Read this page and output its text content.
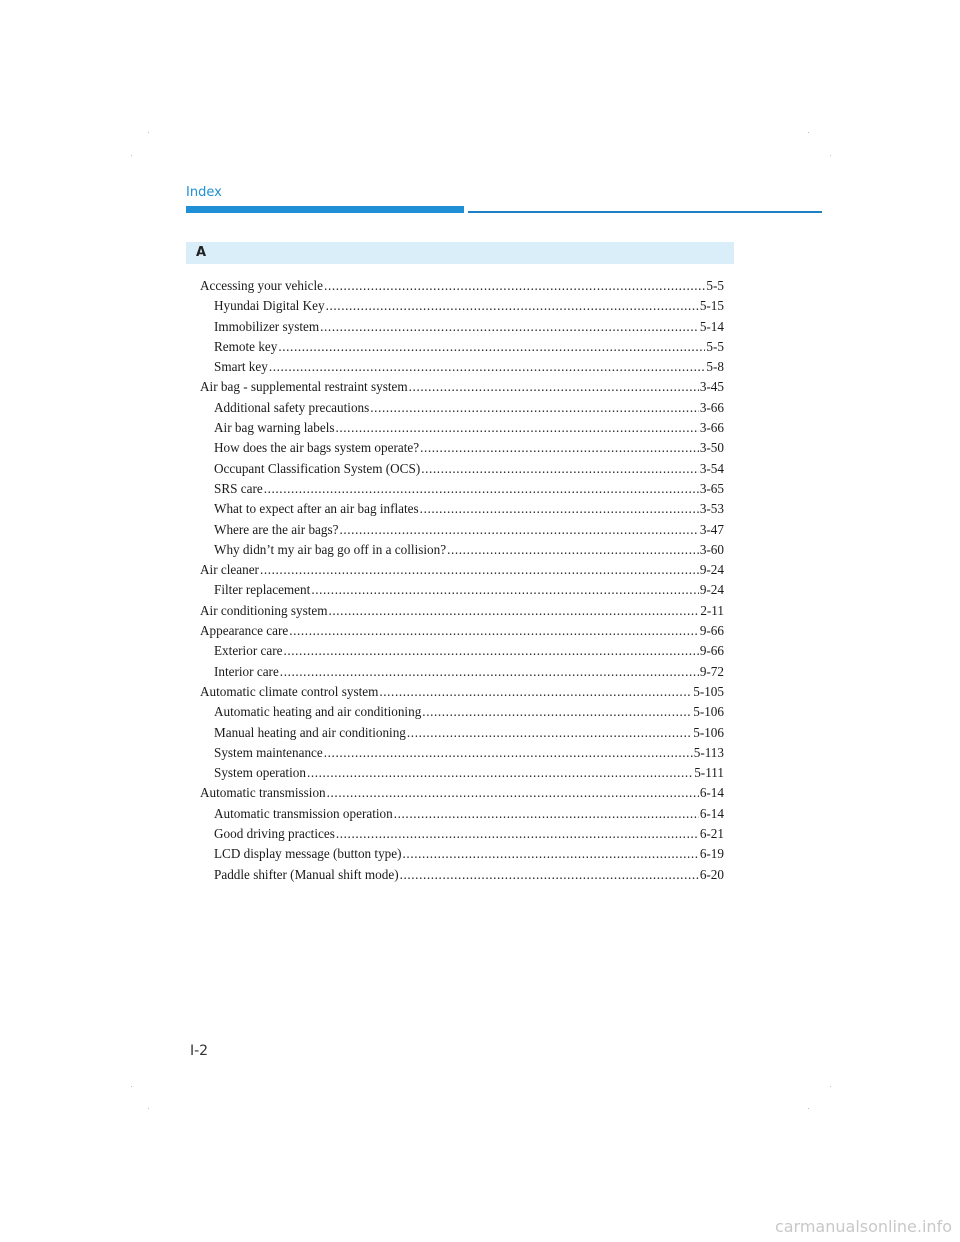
Index
A
Accessing your vehicle .....	5-5
Hyundai Digital Key .....	5-15
Immobilizer system .....	5-14
Remote key .....	5-5
Smart key .....	5-8
Air bag - supplemental restraint system .....	3-45
Additional safety precautions .....	3-66
Air bag warning labels .....	3-66
How does the air bags system operate? .....	3-50
Occupant Classification System (OCS) .....	3-54
SRS care .....	3-65
What to expect after an air bag inflates .....	3-53
Where are the air bags? .....	3-47
Why didn’t my air bag go off in a collision? .....	3-60
Air cleaner .....	9-24
Filter replacement .....	9-24
Air conditioning system .....	2-11
Appearance care .....	9-66
Exterior care .....	9-66
Interior care .....	9-72
Automatic climate control system .....	5-105
Automatic heating and air conditioning .....	5-106
Manual heating and air conditioning .....	5-106
System maintenance .....	5-113
System operation .....	5-111
Automatic transmission .....	6-14
Automatic transmission operation .....	6-14
Good driving practices .....	6-21
LCD display message (button type) .....	6-19
Paddle shifter (Manual shift mode) .....	6-20
I-2
carmanualsonline.info
